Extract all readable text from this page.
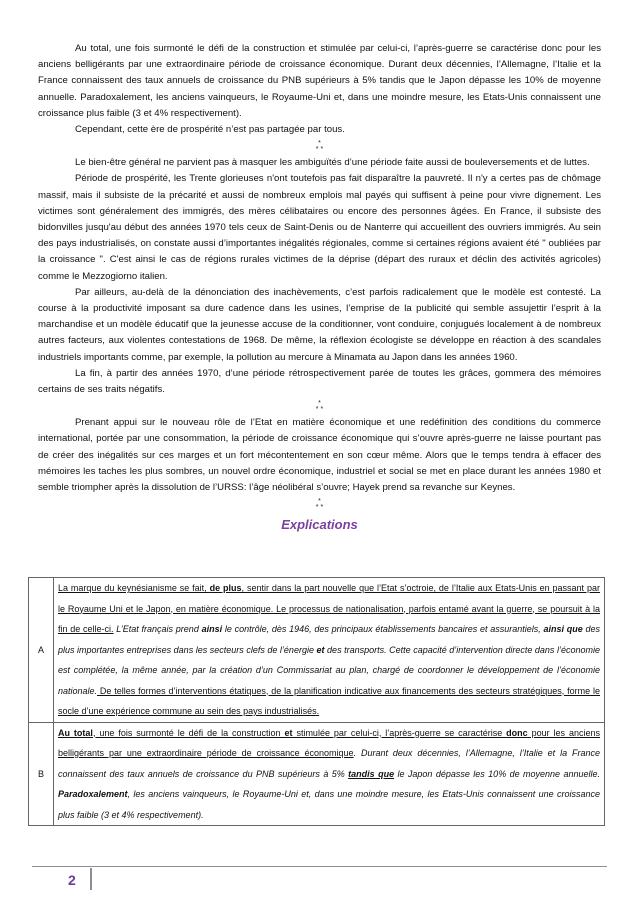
Au total, une fois surmonté le défi de la construction et stimulée par celui-ci, l’après-guerre se caractérise donc pour les anciens belligérants par une extraordinaire période de croissance économique. Durant deux décennies, l’Allemagne, l’Italie et la France connaissent des taux annuels de croissance du PNB supérieurs à 5% tandis que le Japon dépasse les 10% de moyenne annuelle. Paradoxalement, les anciens vainqueurs, le Royaume-Uni et, dans une moindre mesure, les Etats-Unis connaissent une croissance plus faible (3 et 4% respectivement).

Cependant, cette ère de prospérité n’est pas partagée par tous.

*
* *

Le bien-être général ne parvient pas à masquer les ambiguïtés d’une période faite aussi de bouleversements et de luttes.

Période de prospérité, les Trente glorieuses n'ont toutefois pas fait disparaître la pauvreté. Il n'y a certes pas de chômage massif, mais il subsiste de la précarité et aussi de nombreux emplois mal payés qui suffisent à peine pour vivre dignement. Les victimes sont généralement des immigrés, des mères célibataires ou encore des personnes âgées. En France, il subsiste des bidonvilles jusqu'au début des années 1970 tels ceux de Saint-Denis ou de Nanterre qui accueillent des ouvriers immigrés. Au sein des pays industrialisés, on constate aussi d’importantes inégalités régionales, comme si certaines régions avaient été " oubliées par la croissance ". C'est ainsi le cas de régions rurales victimes de la déprise (départ des ruraux et déclin des activités agricoles) comme le Mezzogiorno italien.

Par ailleurs, au-delà de la dénonciation des inachèvements, c’est parfois radicalement que le modèle est contesté. La course à la productivité imposant sa dure cadence dans les usines, l’emprise de la publicité qui semble assujettir l’esprit à la marchandise et un modèle éducatif que la jeunesse accuse de la conditionner, vont conduire, conjugués localement à de nombreux autres facteurs, aux violentes contestations de 1968. De même, la réflexion écologiste se développe en réaction à des scandales industriels importants comme, par exemple, la pollution au mercure à Minamata au Japon dans les années 1960.

La fin, à partir des années 1970, d’une période rétrospectivement parée de toutes les grâces, gommera des mémoires certains de ses traits négatifs.

*
* *

Prenant appui sur le nouveau rôle de l’Etat en matière économique et une redéfinition des conditions du commerce international, portée par une consommation, la période de croissance économique qui s’ouvre après-guerre ne laisse pourtant pas de créer des inégalités sur ces marges et un fort mécontentement en son cœur même. Alors que le temps tendra à effacer des mémoires les taches les plus sombres, un nouvel ordre économique, industriel et social se met en place durant les années 1980 et semble triompher après la dissolution de l’URSS: l’âge néolibéral s’ouvre; Hayek prend sa revanche sur Keynes.

*
* *
Explications
A	La marque du keynésianisme se fait, de plus, sentir dans la part nouvelle que l’Etat s’octroie, de l’Italie aux Etats-Unis en passant par le Royaume Uni et le Japon, en matière économique. Le processus de nationalisation, parfois entamé avant la guerre, se poursuit à la fin de celle-ci. L’Etat français prend ainsi le contrôle, dès 1946, des principaux établissements bancaires et assurantiels, ainsi que des plus importantes entreprises dans les secteurs clefs de l’énergie et des transports. Cette capacité d’intervention directe dans l’économie est complétée, la même année, par la création d’un Commissariat au plan, chargé de coordonner le développement de l’économie nationale. De telles formes d’interventions étatiques, de la planification indicative aux financements des secteurs stratégiques, forme le socle d’une expérience commune au sein des pays industrialisés.
B	Au total, une fois surmonté le défi de la construction et stimulée par celui-ci, l’après-guerre se caractérise donc pour les anciens belligérants par une extraordinaire période de croissance économique. Durant deux décennies, l’Allemagne, l’Italie et la France connaissent des taux annuels de croissance du PNB supérieurs à 5% tandis que le Japon dépasse les 10% de moyenne annuelle. Paradoxalement, les anciens vainqueurs, le Royaume-Uni et, dans une moindre mesure, les Etats-Unis connaissent une croissance plus faible (3 et 4% respectivement).
2
